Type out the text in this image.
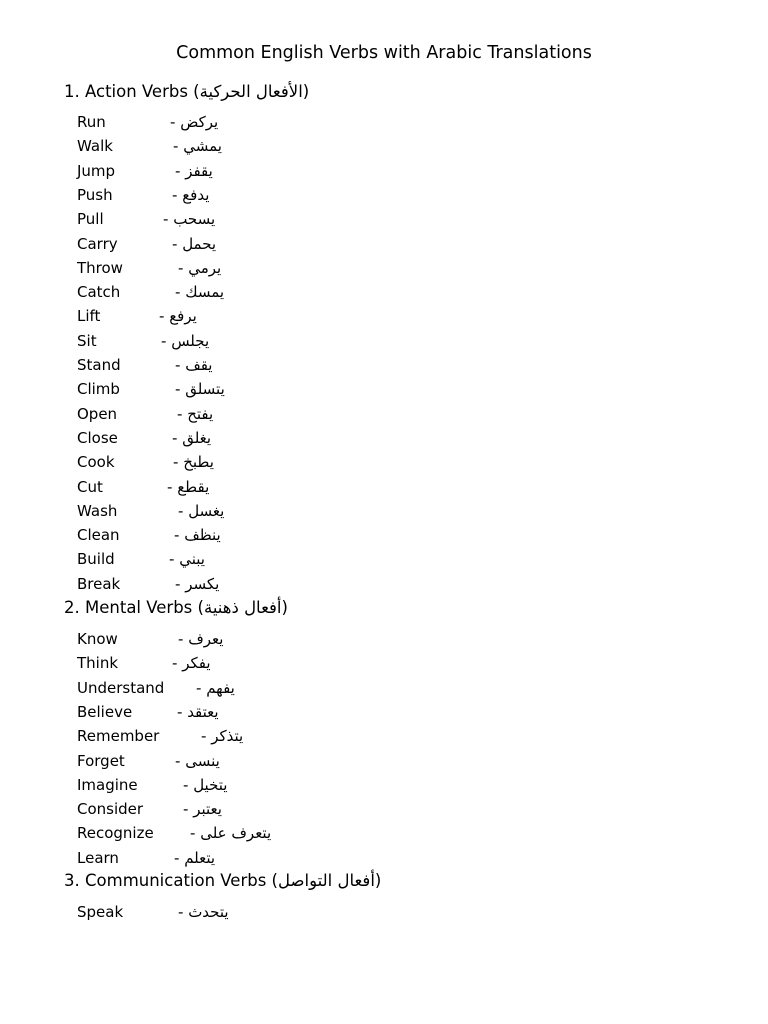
Common English Verbs with Arabic Translations
1. Action Verbs (الأفعال الحركية)
Run	- يركض
Walk	- يمشي
Jump	- يقفز
Push	- يدفع
Pull	- يسحب
Carry	- يحمل
Throw	- يرمي
Catch	- يمسك
Lift	- يرفع
Sit	- يجلس
Stand	- يقف
Climb	- يتسلق
Open	- يفتح
Close	- يغلق
Cook	- يطبخ
Cut	- يقطع
Wash	- يغسل
Clean	- ينظف
Build	- يبني
Break	- يكسر
2. Mental Verbs (أفعال ذهنية)
Know	- يعرف
Think	- يفكر
Understand - يفهم
Believe	- يعتقد
Remember	- يتذكر
Forget	- ينسى
Imagine	- يتخيل
Consider	- يعتبر
Recognize - يتعرف على
Learn	- يتعلم
3. Communication Verbs (أفعال التواصل)
Speak	- يتحدث
